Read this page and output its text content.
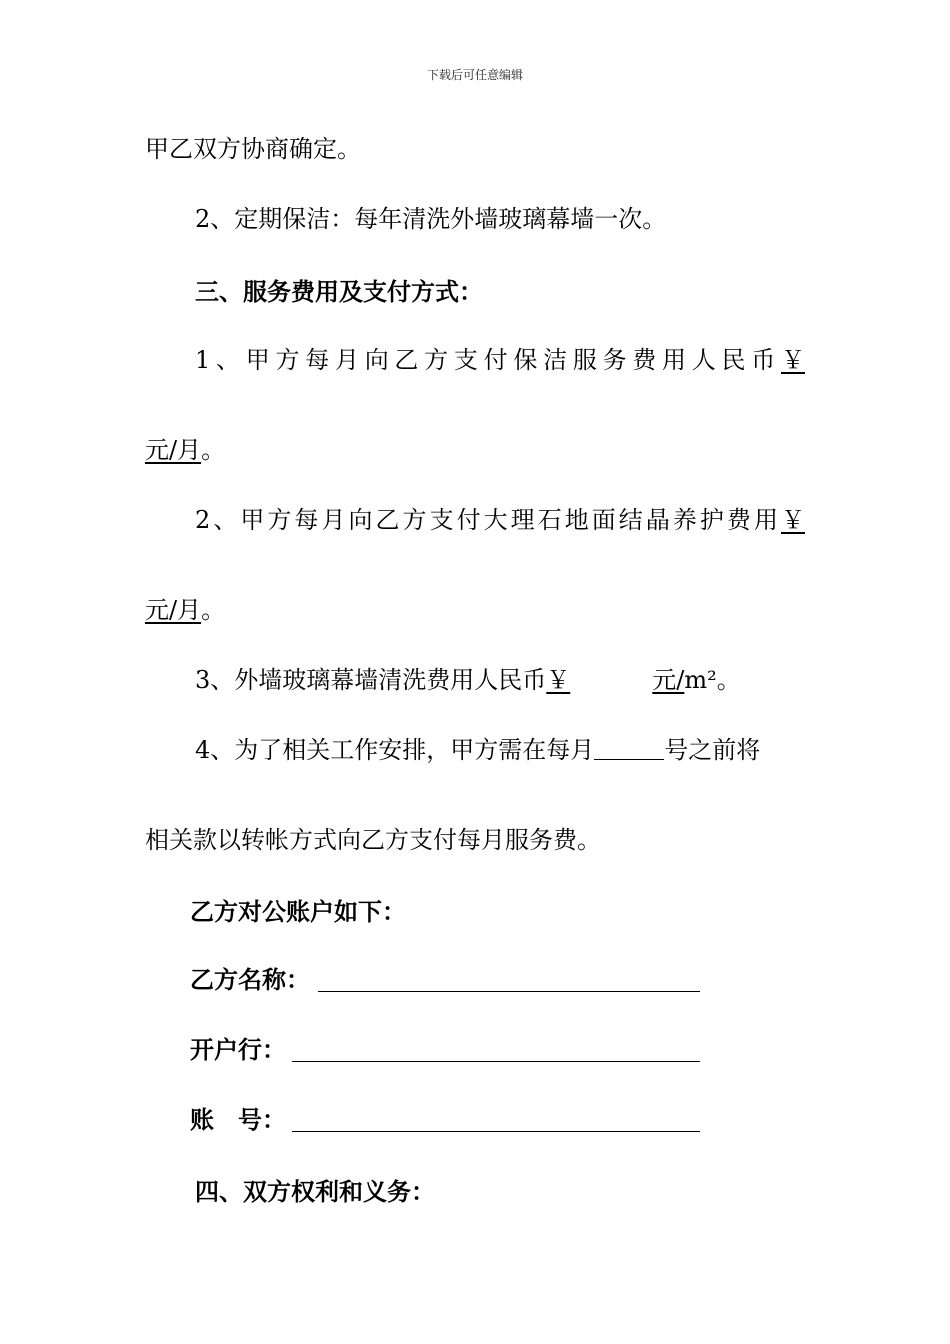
下载后可任意编辑
甲乙双方协商确定。
2、定期保洁：每年清洗外墙玻璃幕墙一次。
三、服务费用及支付方式：
1 、 甲 方 每 月 向 乙 方 支 付 保 洁 服 务 费 用 人 民 币 ￥
元/月。
2 、 甲 方 每 月 向 乙 方 支 付 大 理 石 地 面 结 晶 养 护 费 用 ￥
元/月。
3、外墙玻璃幕墙清洗费用人民币￥	元/m²。
4、为了相关工作安排，甲方需在每月	号之前将
相关款以转帐方式向乙方支付每月服务费。
乙方对公账户如下：
乙方名称：
开户行：
账　号：
四、双方权利和义务：
